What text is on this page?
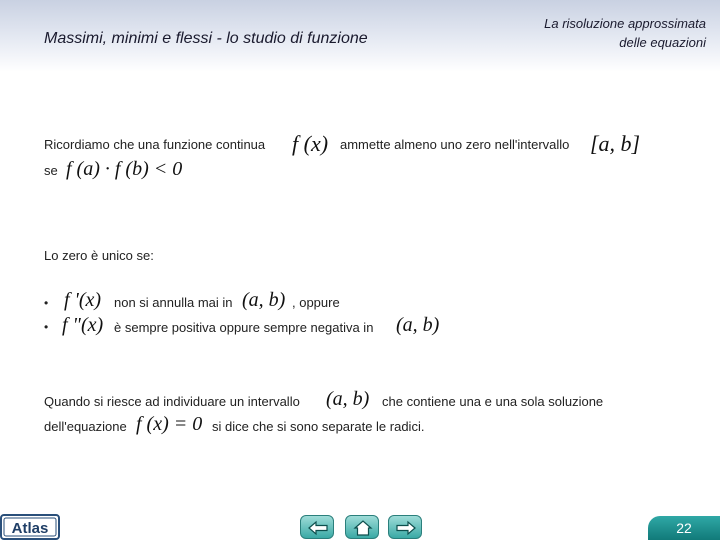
Massimi, minimi e flessi - lo studio di funzione
La risoluzione approssimata
delle equazioni
Ricordiamo che una funzione continua f (x) ammette almeno uno zero nell'intervallo [a, b]
se f (a) · f (b) < 0
Lo zero è unico se:
• f '(x) non si annulla mai in (a, b) , oppure
• f "(x) è sempre positiva oppure sempre negativa in (a, b)
Quando si riesce ad individuare un intervallo (a, b) che contiene una e una sola soluzione
dell'equazione f (x) = 0 si dice che si sono separate le radici.
Atlas	22
